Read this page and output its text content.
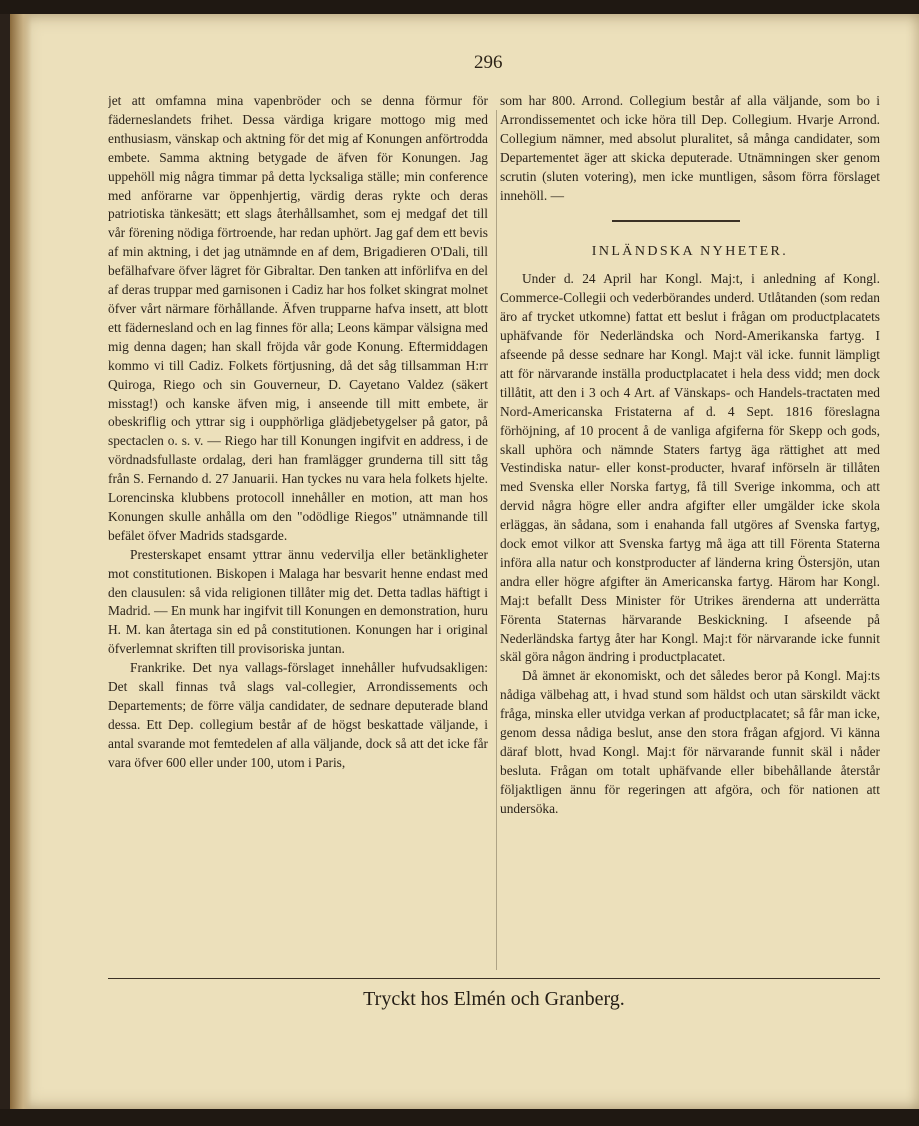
296

jet att omfamna mina vapenbröder och se denna förmur för fäderneslandets frihet. Dessa värdiga krigare mottogo mig med enthusiasm, vänskap och aktning för det mig af Konungen anförtrodda embete. Samma aktning betygade de äfven för Konungen. Jag uppehöll mig några timmar på detta lycksaliga ställe; min conference med anförarne var öppenhjertig, värdig deras rykte och deras patriotiska tänkesätt; ett slags återhållsamhet, som ej medgaf det till vår förening nödiga förtroende, har redan uphört. Jag gaf dem ett bevis af min aktning, i det jag utnämnde en af dem, Brigadieren O'Dali, till befälhafvare öfver lägret för Gibraltar. Den tanken att införlifva en del af deras truppar med garnisonen i Cadiz har hos folket skingrat molnet öfver vårt närmare förhållande. Äfven trupparne hafva insett, att blott ett fädernesland och en lag finnes för alla; Leons kämpar välsigna med mig denna dagen; han skall fröjda vår gode Konung. Eftermiddagen kommo vi till Cadiz. Folkets förtjusning, då det såg tillsamman H:rr Quiroga, Riego och sin Gouverneur, D. Cayetano Valdez (säkert misstag!) och kanske äfven mig, i anseende till mitt embete, är obeskriflig och yttrar sig i oupphörliga glädjebetygelser på gator, på spectaclen o. s. v. — Riego har till Konungen ingifvit en address, i de vördnadsfullaste ordalag, deri han framlägger grunderna till sitt tåg från S. Fernando d. 27 Januarii. Han tyckes nu vara hela folkets hjelte. Lorencinska klubbens protocoll innehåller en motion, att man hos Konungen skulle anhålla om den "odödlige Riegos" utnämnande till befälet öfver Madrids stadsgarde.

Presterskapet ensamt yttrar ännu vedervilja eller betänkligheter mot constitutionen. Biskopen i Malaga har besvarit henne endast med den clausulen: så vida religionen tillåter mig det. Detta tadlas häftigt i Madrid. — En munk har ingifvit till Konungen en demonstration, huru H. M. kan återtaga sin ed på constitutionen. Konungen har i original öfverlemnat skriften till provisoriska juntan.

Frankrike. Det nya vallags-förslaget innehåller hufvudsakligen: Det skall finnas två slags val-collegier, Arrondissements och Departements; de förre välja candidater, de sednare deputerade bland dessa. Ett Dep. collegium består af de högst beskattade väljande, i antal svarande mot femtedelen af alla väljande, dock så att det icke får vara öfver 600 eller under 100, utom i Paris,

som har 800. Arrond. Collegium består af alla väljande, som bo i Arrondissementet och icke höra till Dep. Collegium. Hvarje Arrond. Collegium nämner, med absolut pluralitet, så många candidater, som Departementet äger att skicka deputerade. Utnämningen sker genom scrutin (sluten votering), men icke muntligen, såsom förra förslaget innehöll. —

INLÄNDSKA NYHETER.

Under d. 24 April har Kongl. Maj:t, i anledning af Kongl. Commerce-Collegii och vederbörandes underd. Utlåtanden (som redan äro af trycket utkomne) fattat ett beslut i frågan om productplacatets uphäfvande för Nederländska och Nord-Amerikanska fartyg. I afseende på desse sednare har Kongl. Maj:t väl icke. funnit lämpligt att för närvarande inställa productplacatet i hela dess vidd; men dock tillåtit, att den i 3 och 4 Art. af Vänskaps- och Handels-tractaten med Nord-Americanska Fristaterna af d. 4 Sept. 1816 föreslagna förhöjning, af 10 procent å de vanliga afgiferna för Skepp och gods, skall uphöra och nämnde Staters fartyg äga rättighet att med Vestindiska natur- eller konst-producter, hvaraf införseln är tillåten med Svenska eller Norska fartyg, få till Sverige inkomma, och att dervid några högre eller andra afgifter eller umgälder icke skola erläggas, än sådana, som i enahanda fall utgöres af Svenska fartyg, dock emot vilkor att Svenska fartyg må äga att till Förenta Staterna införa alla natur och konstproducter af länderna kring Östersjön, utan andra eller högre afgifter än Americanska fartyg. Härom har Kongl. Maj:t befallt Dess Minister för Utrikes ärenderna att underrätta Förenta Staternas härvarande Beskickning. I afseende på Nederländska fartyg åter har Kongl. Maj:t för närvarande icke funnit skäl göra någon ändring i productplacatet.

Då ämnet är ekonomiskt, och det således beror på Kongl. Maj:ts nådiga välbehag att, i hvad stund som häldst och utan särskildt väckt fråga, minska eller utvidga verkan af productplacatet; så får man icke, genom dessa nådiga beslut, anse den stora frågan afgjord. Vi känna däraf blott, hvad Kongl. Maj:t för närvarande funnit skäl i nåder besluta. Frågan om totalt uphäfvande eller bibehållande återstår följaktligen ännu för regeringen att afgöra, och för nationen att undersöka.

Tryckt hos Elmén och Granberg.
